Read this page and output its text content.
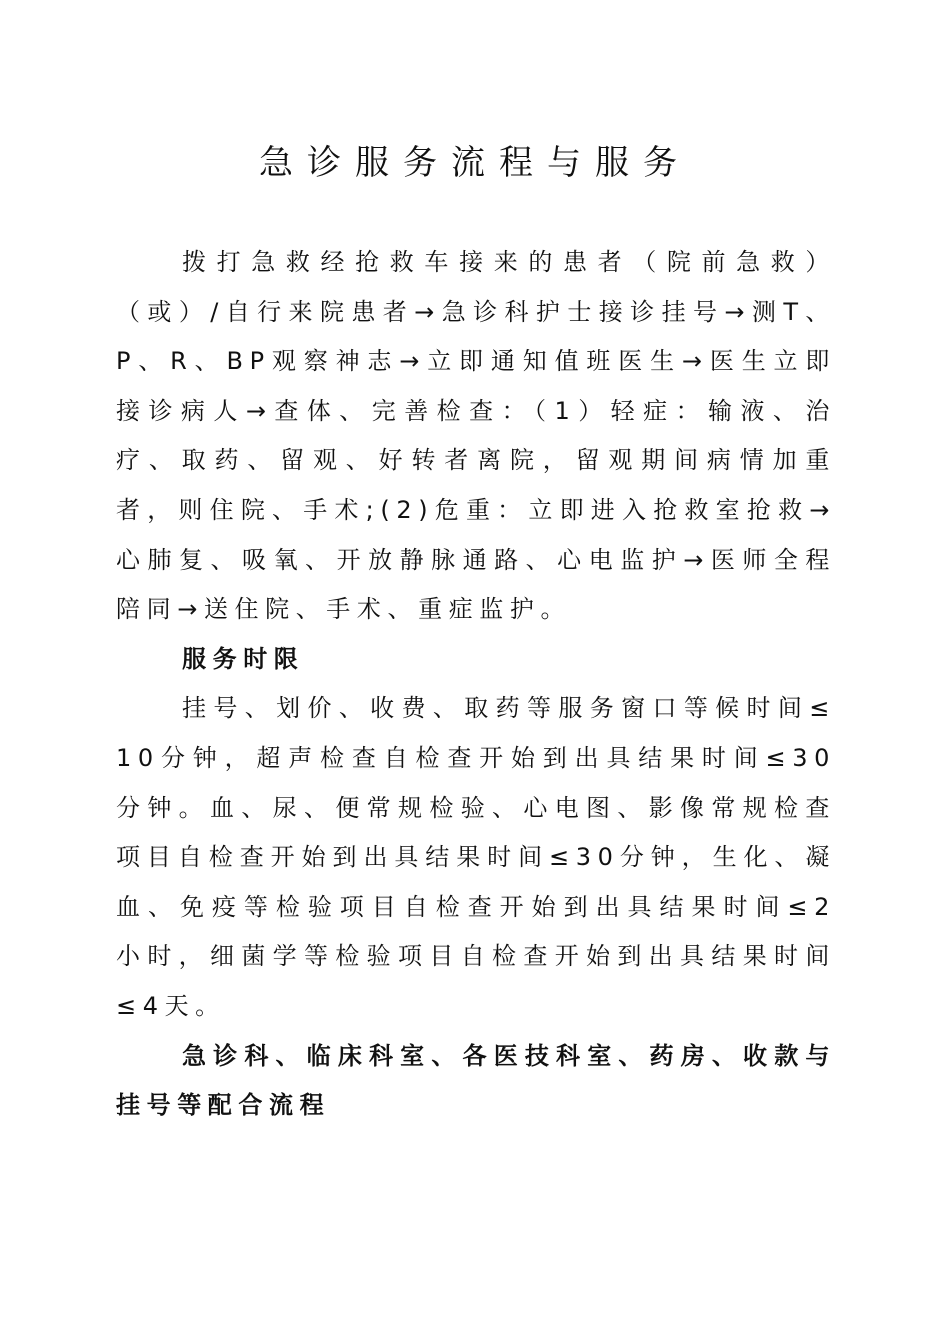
急诊服务流程与服务

拨打急救经抢救车接来的患者（院前急救）（或）/自行来院患者→急诊科护士接诊挂号→测T、P、R、BP观察神志→立即通知值班医生→医生立即接诊病人→查体、完善检查：（1）轻症：输液、治疗、取药、留观、好转者离院，留观期间病情加重者，则住院、手术;(2)危重：立即进入抢救室抢救→心肺复、吸氧、开放静脉通路、心电监护→医师全程陪同→送住院、手术、重症监护。

服务时限

挂号、划价、收费、取药等服务窗口等候时间≤10分钟，超声检查自检查开始到出具结果时间≤30分钟。血、尿、便常规检验、心电图、影像常规检查项目自检查开始到出具结果时间≤30分钟，生化、凝血、免疫等检验项目自检查开始到出具结果时间≤2小时，细菌学等检验项目自检查开始到出具结果时间≤4天。

急诊科、临床科室、各医技科室、药房、收款与挂号等配合流程
